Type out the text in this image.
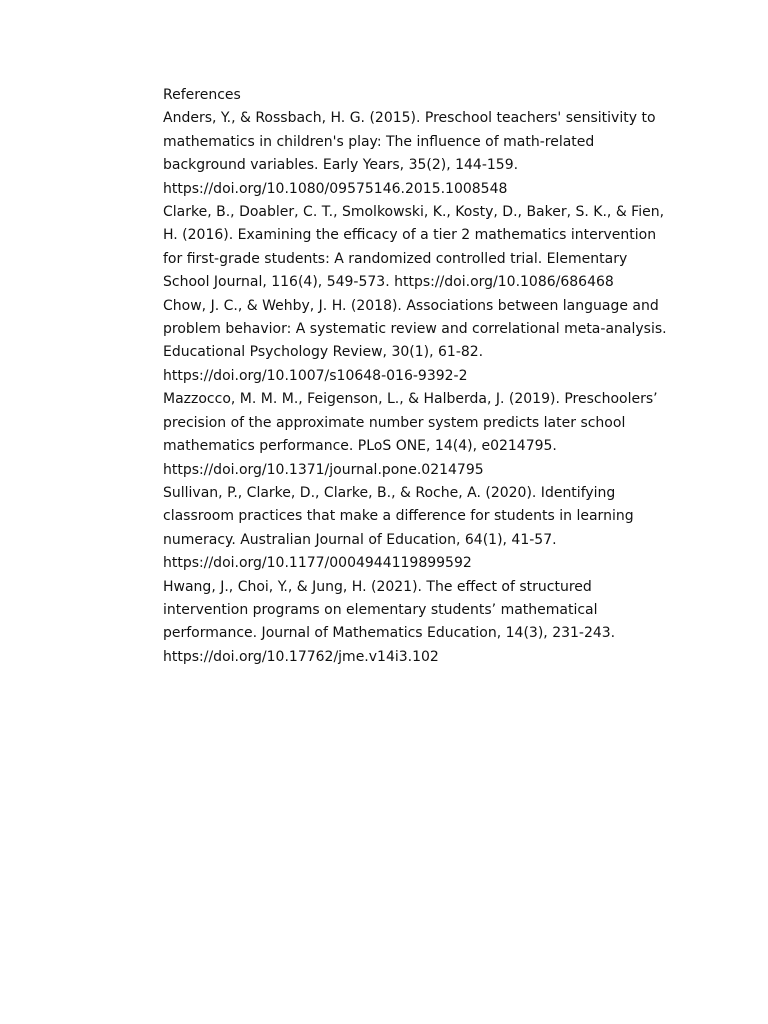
References

Anders, Y., & Rossbach, H. G. (2015). Preschool teachers' sensitivity to mathematics in children's play: The influence of math-related background variables. Early Years, 35(2), 144-159. https://doi.org/10.1080/09575146.2015.1008548

Clarke, B., Doabler, C. T., Smolkowski, K., Kosty, D., Baker, S. K., & Fien, H. (2016). Examining the efficacy of a tier 2 mathematics intervention for first-grade students: A randomized controlled trial. Elementary School Journal, 116(4), 549-573. https://doi.org/10.1086/686468

Chow, J. C., & Wehby, J. H. (2018). Associations between language and problem behavior: A systematic review and correlational meta-analysis. Educational Psychology Review, 30(1), 61-82. https://doi.org/10.1007/s10648-016-9392-2

Mazzocco, M. M. M., Feigenson, L., & Halberda, J. (2019). Preschoolers’ precision of the approximate number system predicts later school mathematics performance. PLoS ONE, 14(4), e0214795. https://doi.org/10.1371/journal.pone.0214795

Sullivan, P., Clarke, D., Clarke, B., & Roche, A. (2020). Identifying classroom practices that make a difference for students in learning numeracy. Australian Journal of Education, 64(1), 41-57. https://doi.org/10.1177/0004944119899592

Hwang, J., Choi, Y., & Jung, H. (2021). The effect of structured intervention programs on elementary students’ mathematical performance. Journal of Mathematics Education, 14(3), 231-243. https://doi.org/10.17762/jme.v14i3.102
